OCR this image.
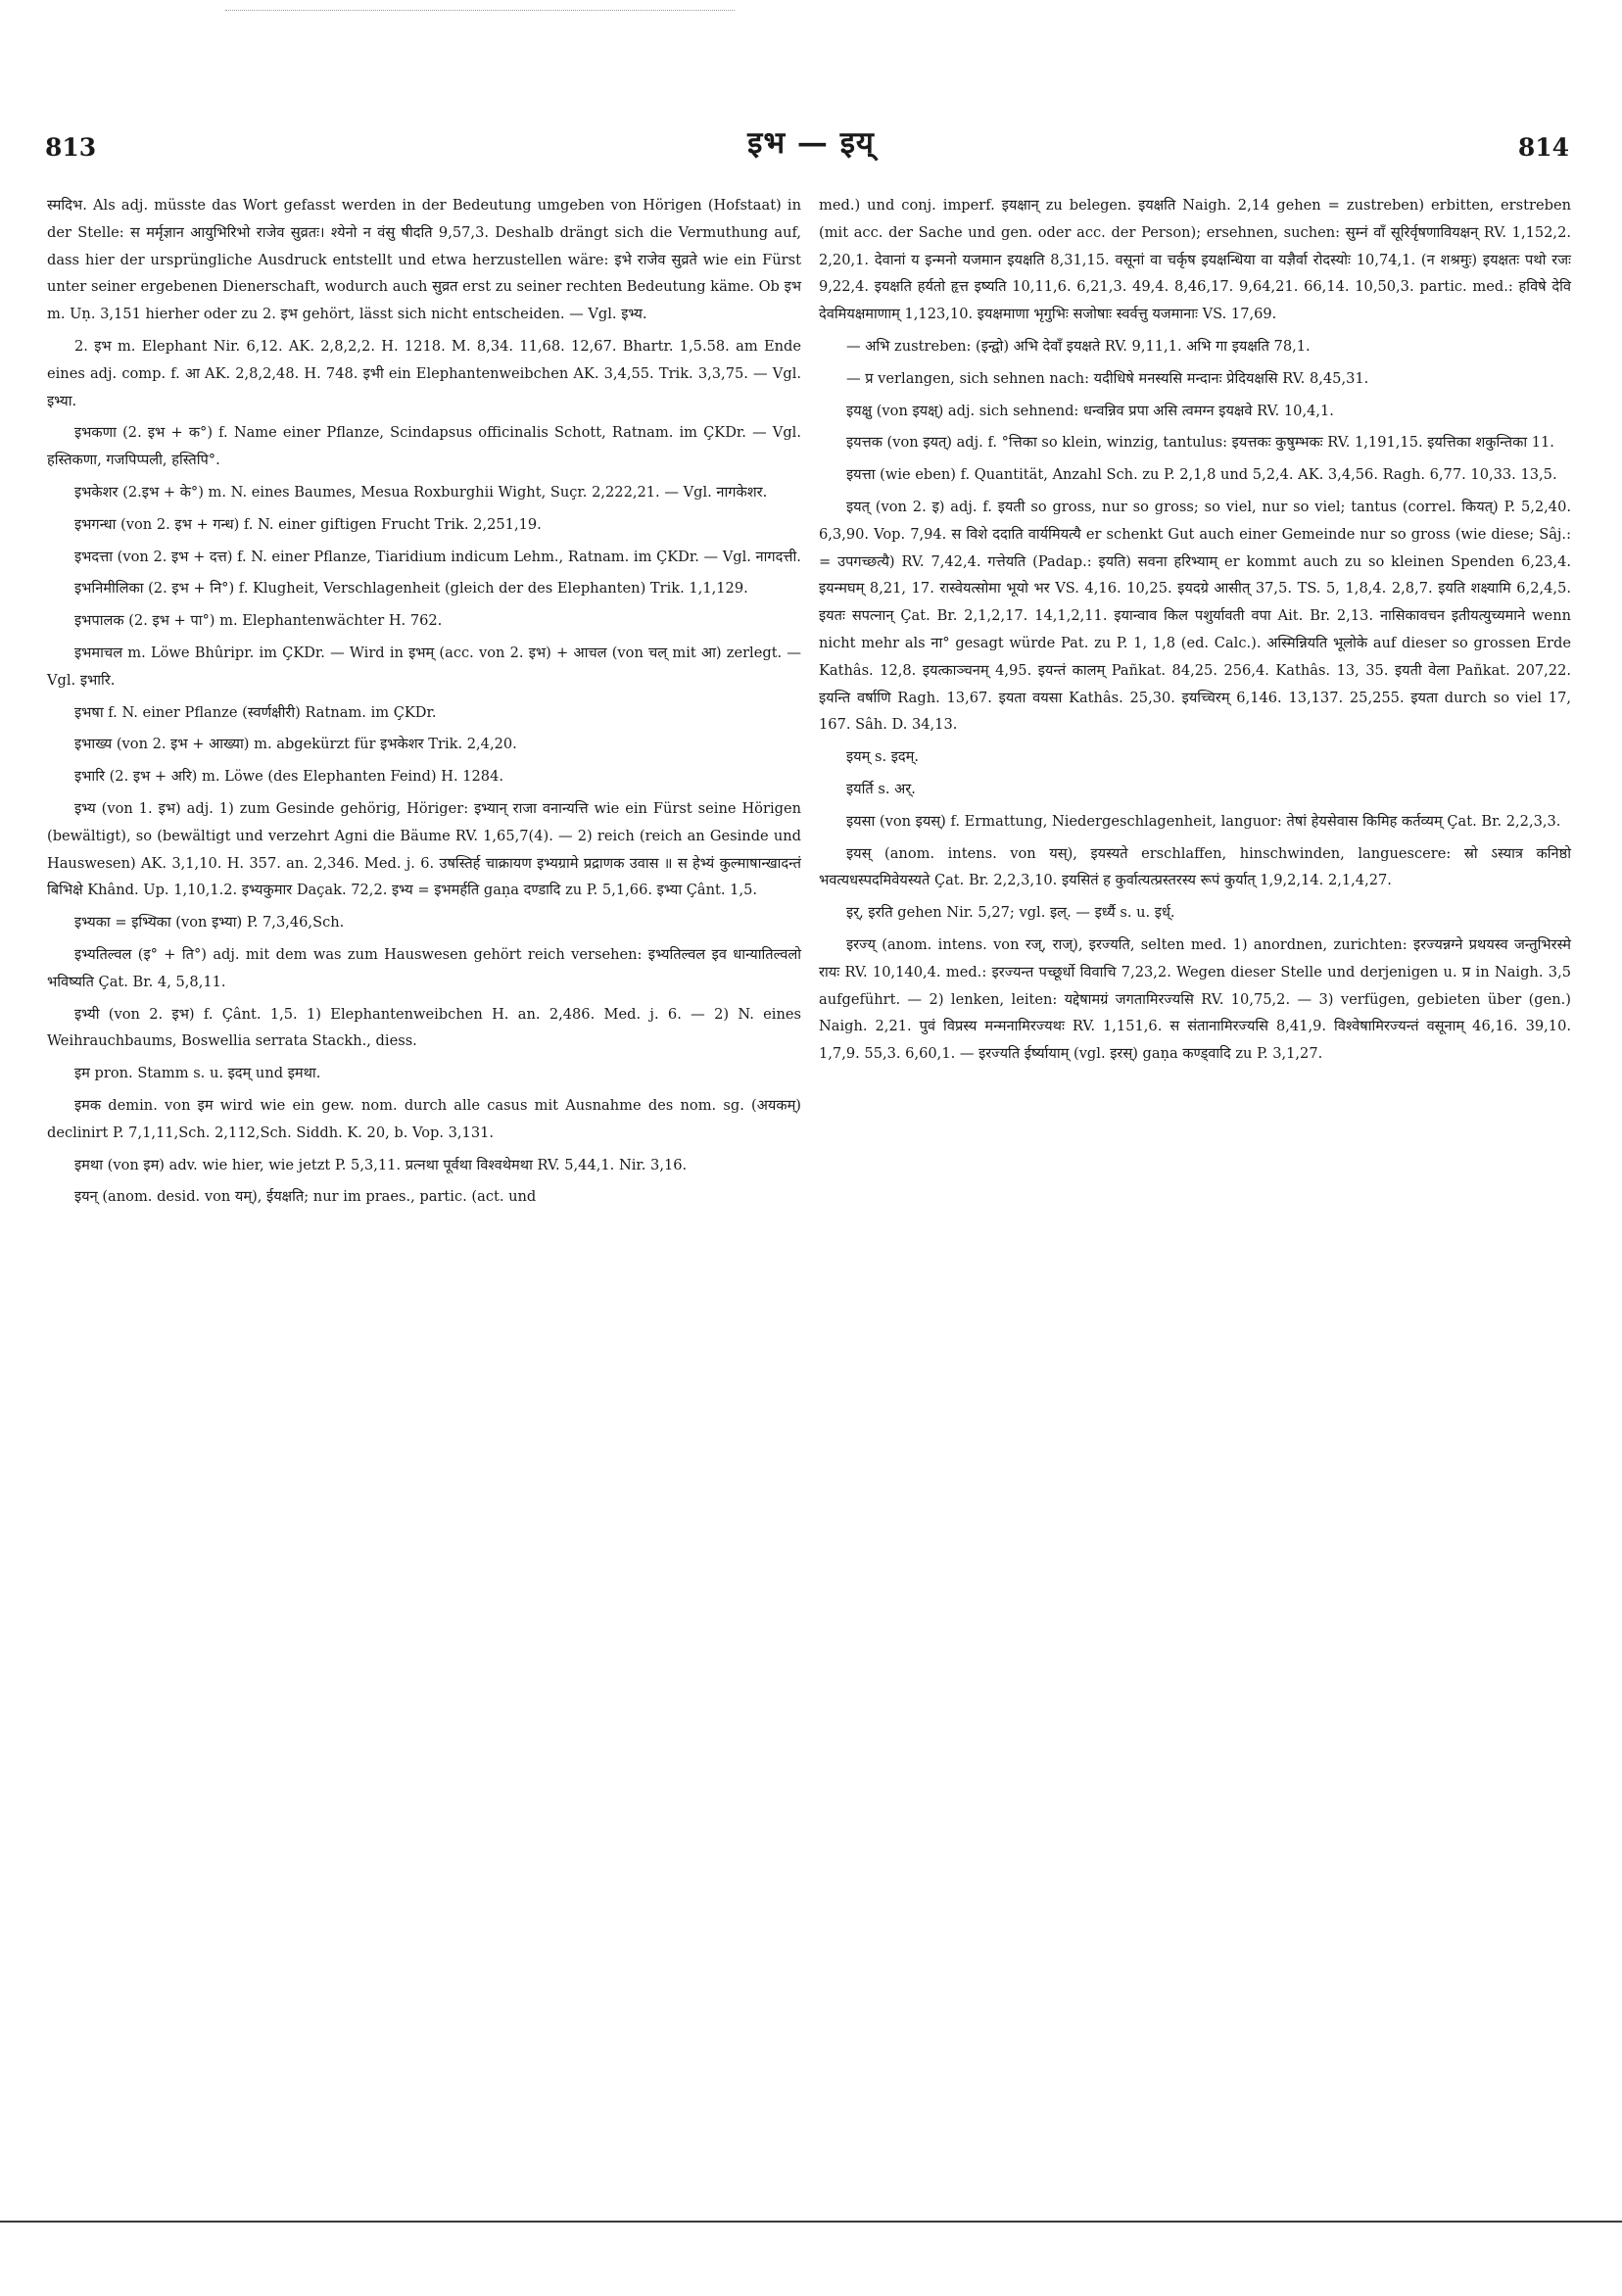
813	इभ — इय्	814

स्मदिभ. Als adj. müsste das Wort gefasst werden in der Bedeutung umgeben von Hörigen (Hofstaat) in der Stelle: स मर्मृज्ञान आयुभिरिभो राजेव सुव्रतः। श्येनो न वंसु षीदति 9,57,3. Deshalb drängt sich die Vermuthung auf, dass hier der ursprüngliche Ausdruck entstellt und etwa herzustellen wäre: इभे राजेव सुव्रते wie ein Fürst unter seiner ergebenen Dienerschaft, wodurch auch सुव्रत erst zu seiner rechten Bedeutung käme. Ob इभ m. Uṇ. 3,151 hierher oder zu 2. इभ gehört, lässt sich nicht entscheiden. — Vgl. इभ्य.

2. इभ m. Elephant Nir. 6,12. AK. 2,8,2,2. H. 1218. M. 8,34. 11,68. 12,67. Bhartr. 1,5.58. am Ende eines adj. comp. f. आ AK. 2,8,2,48. H. 748. इभी ein Elephantenweibchen AK. 3,4,55. Trik. 3,3,75. — Vgl. इभ्या.

इभकणा (2. इभ + क°) f. Name einer Pflanze, Scindapsus officinalis Schott, Ratnam. im ÇKDr. — Vgl. हस्तिकणा, गजपिप्पली, हस्तिपि°.

इभकेशर (2.इभ + के°) m. N. eines Baumes, Mesua Roxburghii Wight, Suçr. 2,222,21. — Vgl. नागकेशर.

इभगन्धा (von 2. इभ + गन्ध) f. N. einer giftigen Frucht Trik. 2,251,19.

इभदत्ता (von 2. इभ + दत्त) f. N. einer Pflanze, Tiaridium indicum Lehm., Ratnam. im ÇKDr. — Vgl. नागदत्ती.

इभनिमीलिका (2. इभ + नि°) f. Klugheit, Verschlagenheit (gleich der des Elephanten) Trik. 1,1,129.

इभपालक (2. इभ + पा°) m. Elephantenwächter H. 762.

इभमाचल m. Löwe Bhûripr. im ÇKDr. — Wird in इभम् (acc. von 2. इभ) + आचल (von चल् mit आ) zerlegt. — Vgl. इभारि.

इभषा f. N. einer Pflanze (स्वर्णक्षीरी) Ratnam. im ÇKDr.

इभाख्य (von 2. इभ + आख्या) m. abgekürzt für इभकेशर Trik. 2,4,20.

इभारि (2. इभ + अरि) m. Löwe (des Elephanten Feind) H. 1284.

इभ्य (von 1. इभ) adj. 1) zum Gesinde gehörig, Höriger: इभ्यान् राजा वनान्यत्ति wie ein Fürst seine Hörigen (bewältigt), so (bewältigt und verzehrt Agni die Bäume RV. 1,65,7(4). — 2) reich (reich an Gesinde und Hauswesen) AK. 3,1,10. H. 357. an. 2,346. Med. j. 6. उषस्तिर्ह चाक्रायण इभ्यग्रामे प्रद्राणक उवास ॥ स हेभ्यं कुल्माषान्खादन्तं बिभिक्षे Khând. Up. 1,10,1.2. इभ्यकुमार Daçak. 72,2. इभ्य = इभमर्हति gaṇa दण्डादि zu P. 5,1,66. इभ्या Çânt. 1,5.

इभ्यका = इभ्यिका (von इभ्या) P. 7,3,46,Sch.

इभ्यतिल्वल (इ° + ति°) adj. mit dem was zum Hauswesen gehört reich versehen: इभ्यतिल्वल इव धान्यातिल्वलो भविष्यति Çat. Br. 4, 5,8,11.

इभ्यी (von 2. इभ) f. Çânt. 1,5. 1) Elephantenweibchen H. an. 2,486. Med. j. 6. — 2) N. eines Weihrauchbaums, Boswellia serrata Stackh., diess.

इम pron. Stamm s. u. इदम् und इमथा.

इमक demin. von इम wird wie ein gew. nom. durch alle casus mit Ausnahme des nom. sg. (अयकम्) declinirt P. 7,1,11,Sch. 2,112,Sch. Siddh. K. 20, b. Vop. 3,131.

इमथा (von इम) adv. wie hier, wie jetzt P. 5,3,11. प्रत्नथा पूर्वथा विश्वथेमथा RV. 5,44,1. Nir. 3,16.

इयन् (anom. desid. von यम्), ईयक्षति; nur im praes., partic. (act. und

med.) und conj. imperf. इयक्षान् zu belegen. इयक्षति Naigh. 2,14 gehen = zustreben) erbitten, erstreben (mit acc. der Sache und gen. oder acc. der Person); ersehnen, suchen: सुम्नं वाँ सूरिर्वृषणावियक्षन् RV. 1,152,2. 2,20,1. देवानां य इन्मनो यजमान इयक्षति 8,31,15. वसूनां वा चर्कृष इयक्षन्धिया वा यज्ञैर्वा रोदस्योः 10,74,1. (न शश्रमुः) इयक्षतः पथो रजः 9,22,4. इयक्षति हर्यतो हृत्त इष्यति 10,11,6. 6,21,3. 49,4. 8,46,17. 9,64,21. 66,14. 10,50,3. partic. med.: हविषे देवि देवमियक्षमाणाम् 1,123,10. इयक्षमाणा भृगुभिः सजोषाः स्वर्वत्तु यजमानाः VS. 17,69.

— अभि zustreben: (इन्द्वो) अभि देवाँ इयक्षते RV. 9,11,1. अभि गा इयक्षति 78,1.

— प्र verlangen, sich sehnen nach: यदीधिषे मनस्यसि मन्दानः प्रेदियक्षसि RV. 8,45,31.

इयक्षु (von इयक्ष्) adj. sich sehnend: धन्वन्निव प्रपा असि त्वमग्न इयक्षवे RV. 10,4,1.

इयत्तक (von इयत्) adj. f. °त्तिका so klein, winzig, tantulus: इयत्तकः कुषुम्भकः RV. 1,191,15. इयत्तिका शकुन्तिका 11.

इयत्ता (wie eben) f. Quantität, Anzahl Sch. zu P. 2,1,8 und 5,2,4. AK. 3,4,56. Ragh. 6,77. 10,33. 13,5.

इयत् (von 2. इ) adj. f. इयती so gross, nur so gross; so viel, nur so viel; tantus (correl. कियत्) P. 5,2,40. 6,3,90. Vop. 7,94. स विशे ददाति वार्यमियत्यै er schenkt Gut auch einer Gemeinde nur so gross (wie diese; Sâj.: = उपगच्छत्यै) RV. 7,42,4. गत्तेयति (Padap.: इयति) सवना हरिभ्याम् er kommt auch zu so kleinen Spenden 6,23,4. इयन्मघम् 8,21, 17. रास्वेयत्सोमा भूयो भर VS. 4,16. 10,25. इयदग्रे आसीत् 37,5. TS. 5, 1,8,4. 2,8,7. इयति शक्ष्यामि 6,2,4,5. इयतः सपत्नान् Çat. Br. 2,1,2,17. 14,1,2,11. इयान्वाव किल पशुर्यावती वपा Ait. Br. 2,13. नासिकावचन इतीयत्युच्यमाने wenn nicht mehr als ना° gesagt würde Pat. zu P. 1, 1,8 (ed. Calc.). अस्मिन्नियति भूलोके auf dieser so grossen Erde Kathâs. 12,8. इयत्काञ्चनम् 4,95. इयन्तं कालम् Pañkat. 84,25. 256,4. Kathâs. 13, 35. इयती वेला Pañkat. 207,22. इयन्ति वर्षाणि Ragh. 13,67. इयता वयसा Kathâs. 25,30. इयच्चिरम् 6,146. 13,137. 25,255. इयता durch so viel 17, 167. Sâh. D. 34,13.

इयम् s. इदम्.

इयर्ति s. अर्.

इयसा (von इयस्) f. Ermattung, Niedergeschlagenheit, languor: तेषां हेयसेवास किमिह कर्तव्यम् Çat. Br. 2,2,3,3.

इयस् (anom. intens. von यस्), इयस्यते erschlaffen, hinschwinden, languescere: स्रो ऽस्यात्र कनिष्ठो भवत्यधस्पदमिवेयस्यते Çat. Br. 2,2,3,10. इयसितं ह कुर्वात्यत्प्रस्तरस्य रूपं कुर्यात् 1,9,2,14. 2,1,4,27.

इर्, इरति gehen Nir. 5,27; vgl. इल्. — इर्ध्यै s. u. इर्ध्.

इरज्य् (anom. intens. von रज्, राज्), इरज्यति, selten med. 1) anordnen, zurichten: इरज्यन्नग्ने प्रथयस्व जन्तुभिरस्मे रायः RV. 10,140,4. med.: इरज्यन्त पच्छूर्धो विवाचि 7,23,2. Wegen dieser Stelle und derjenigen u. प्र in Naigh. 3,5 aufgeführt. — 2) lenken, leiten: यद्देषामग्रं जगतामिरज्यसि RV. 10,75,2. — 3) verfügen, gebieten über (gen.) Naigh. 2,21. पुवं विप्रस्य मन्मनामिरज्यथः RV. 1,151,6. स संतानामिरज्यसि 8,41,9. विश्वेषामिरज्यन्तं वसूनाम् 46,16. 39,10. 1,7,9. 55,3. 6,60,1. — इरज्यति ईर्ष्यायाम् (vgl. इरस्) gaṇa कण्ड्वादि zu P. 3,1,27.
